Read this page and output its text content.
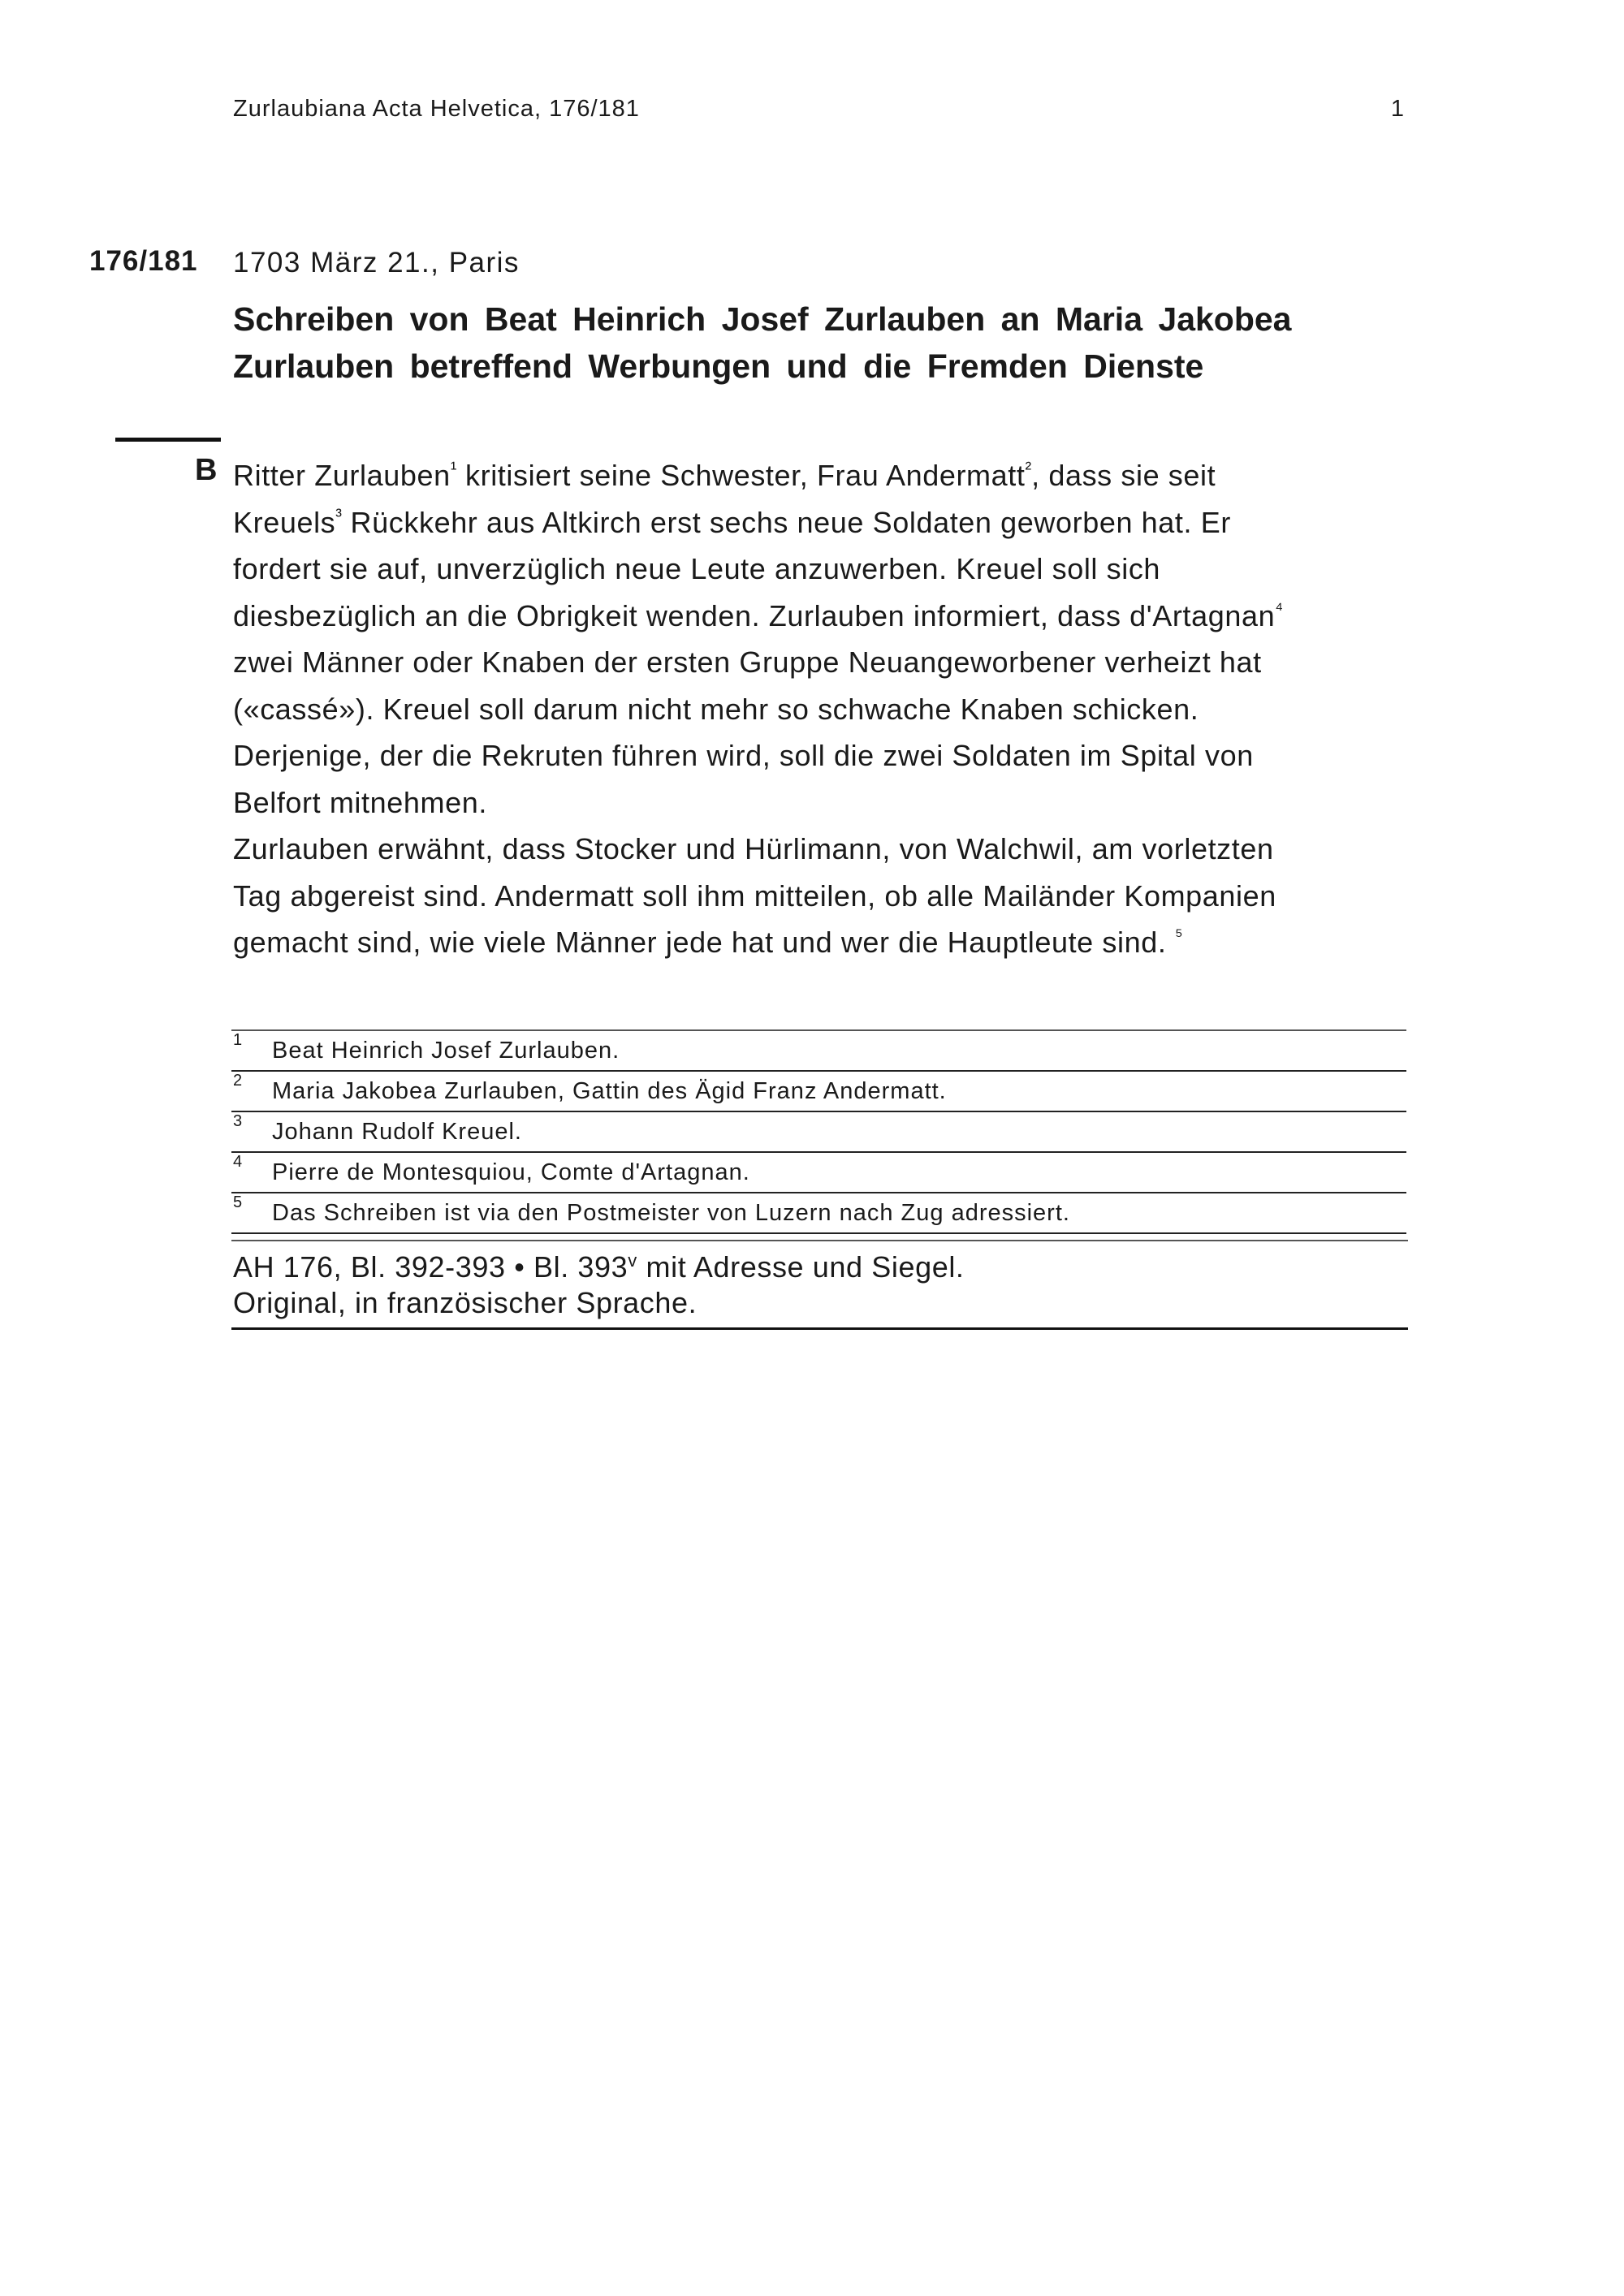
Zurlaubiana Acta Helvetica, 176/181	1
176/181 1703 März 21., Paris
Schreiben von Beat Heinrich Josef Zurlauben an Maria Jakobea
Zurlauben betreffend Werbungen und die Fremden Dienste
B Ritter Zurlauben$^{^1}$ kritisiert seine Schwester, Frau Andermatt$^{^2}$, dass sie seit
Kreuels$^{^3}$ Rückkehr aus Altkirch erst sechs neue Soldaten geworben hat. Er
fordert sie auf, unverzüglich neue Leute anzuwerben. Kreuel soll sich
diesbezüglich an die Obrigkeit wenden. Zurlauben informiert, dass d'Artagnan$^{^4}$
zwei Männer oder Knaben der ersten Gruppe Neuangeworbener verheizt hat
(«cassé»). Kreuel soll darum nicht mehr so schwache Knaben schicken.
Derjenige, der die Rekruten führen wird, soll die zwei Soldaten im Spital von
Belfort mitnehmen.
Zurlauben erwähnt, dass Stocker und Hürlimann, von Walchwil, am vorletzten
Tag abgereist sind. Andermatt soll ihm mitteilen, ob alle Mailänder Kompanien
gemacht sind, wie viele Männer jede hat und wer die Hauptleute sind. $^{^5}$
1 Beat Heinrich Josef Zurlauben.
2 Maria Jakobea Zurlauben, Gattin des Ägid Franz Andermatt.
3 Johann Rudolf Kreuel.
4 Pierre de Montesquiou, Comte d'Artagnan.
5 Das Schreiben ist via den Postmeister von Luzern nach Zug adressiert.
AH 176, Bl. 392-393 • Bl. 393$^v$ mit Adresse und Siegel.
Original, in französischer Sprache.
